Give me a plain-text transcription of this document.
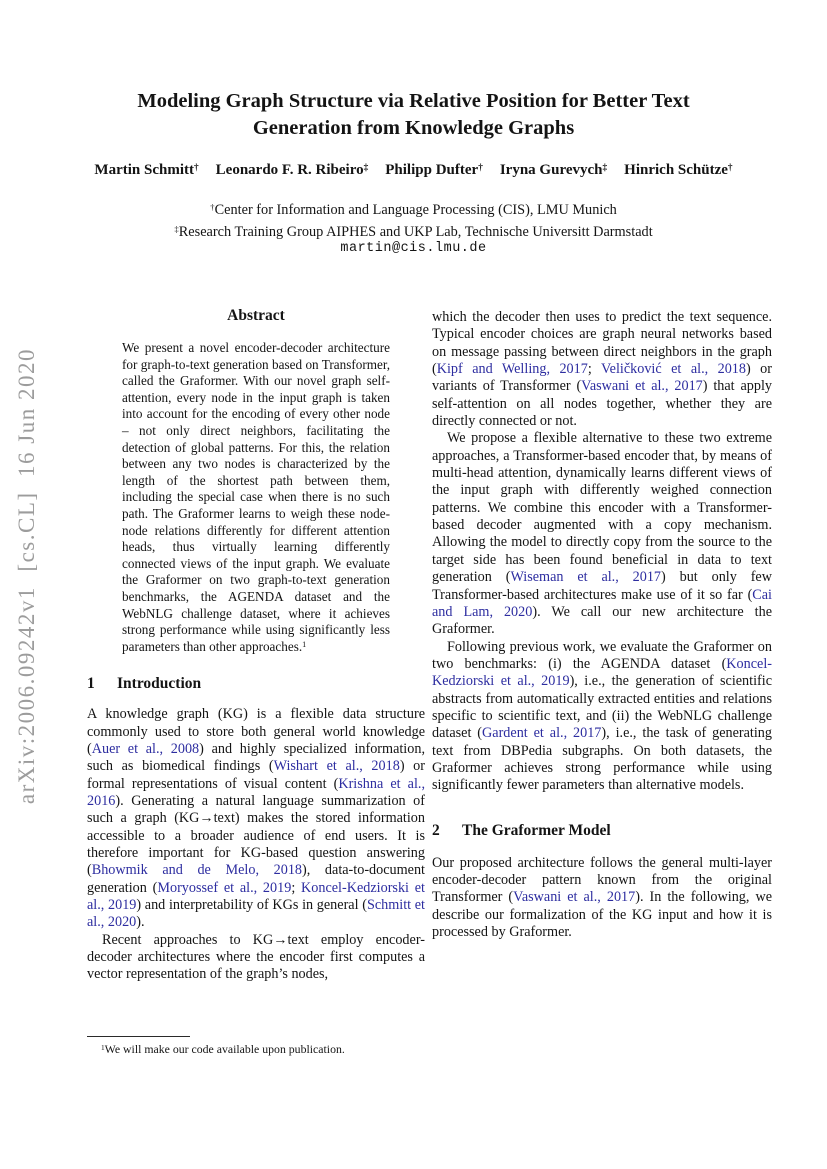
arXiv:2006.09242v1  [cs.CL]  16 Jun 2020
Modeling Graph Structure via Relative Position for Better Text
Generation from Knowledge Graphs
Martin Schmitt† Leonardo F. R. Ribeiro‡ Philipp Dufter† Iryna Gurevych‡ Hinrich Schütze†
†Center for Information and Language Processing (CIS), LMU Munich
‡Research Training Group AIPHES and UKP Lab, Technische Universitt Darmstadt
martin@cis.lmu.de
Abstract
We present a novel encoder-decoder architecture for graph-to-text generation based on Transformer, called the Graformer. With our novel graph self-attention, every node in the input graph is taken into account for the encoding of every other node – not only direct neighbors, facilitating the detection of global patterns. For this, the relation between any two nodes is characterized by the length of the shortest path between them, including the special case when there is no such path. The Graformer learns to weigh these node-node relations differently for different attention heads, thus virtually learning differently connected views of the input graph. We evaluate the Graformer on two graph-to-text generation benchmarks, the AGENDA dataset and the WebNLG challenge dataset, where it achieves strong performance while using significantly less parameters than other approaches.$^1$
1 Introduction

A knowledge graph (KG) is a flexible data structure commonly used to store both general world knowledge (Auer et al., 2008) and highly specialized information, such as biomedical findings (Wishart et al., 2018) or formal representations of visual content (Krishna et al., 2016). Generating a natural language summarization of such a graph (KG→text) makes the stored information accessible to a broader audience of end users. It is therefore important for KG-based question answering (Bhowmik and de Melo, 2018), data-to-document generation (Moryossef et al., 2019; Koncel-Kedziorski et al., 2019) and interpretability of KGs in general (Schmitt et al., 2020).

Recent approaches to KG→text employ encoder-decoder architectures where the encoder first computes a vector representation of the graph’s nodes,

which the decoder then uses to predict the text sequence. Typical encoder choices are graph neural networks based on message passing between direct neighbors in the graph (Kipf and Welling, 2017; Veličković et al., 2018) or variants of Transformer (Vaswani et al., 2017) that apply self-attention on all nodes together, whether they are directly connected or not.

We propose a flexible alternative to these two extreme approaches, a Transformer-based encoder that, by means of multi-head attention, dynamically learns different views of the input graph with differently weighed connection patterns. We combine this encoder with a Transformer-based decoder augmented with a copy mechanism. Allowing the model to directly copy from the source to the target side has been found beneficial in data to text generation (Wiseman et al., 2017) but only few Transformer-based architectures make use of it so far (Cai and Lam, 2020). We call our new architecture the Graformer.

Following previous work, we evaluate the Graformer on two benchmarks: (i) the AGENDA dataset (Koncel-Kedziorski et al., 2019), i.e., the generation of scientific abstracts from automatically extracted entities and relations specific to scientific text, and (ii) the WebNLG challenge dataset (Gardent et al., 2017), i.e., the task of generating text from DBPedia subgraphs. On both datasets, the Graformer achieves strong performance while using significantly fewer parameters than alternative models.

2 The Graformer Model

Our proposed architecture follows the general multi-layer encoder-decoder pattern known from the original Transformer (Vaswani et al., 2017). In the following, we describe our formalization of the KG input and how it is processed by Graformer.

$^1$We will make our code available upon publication.
